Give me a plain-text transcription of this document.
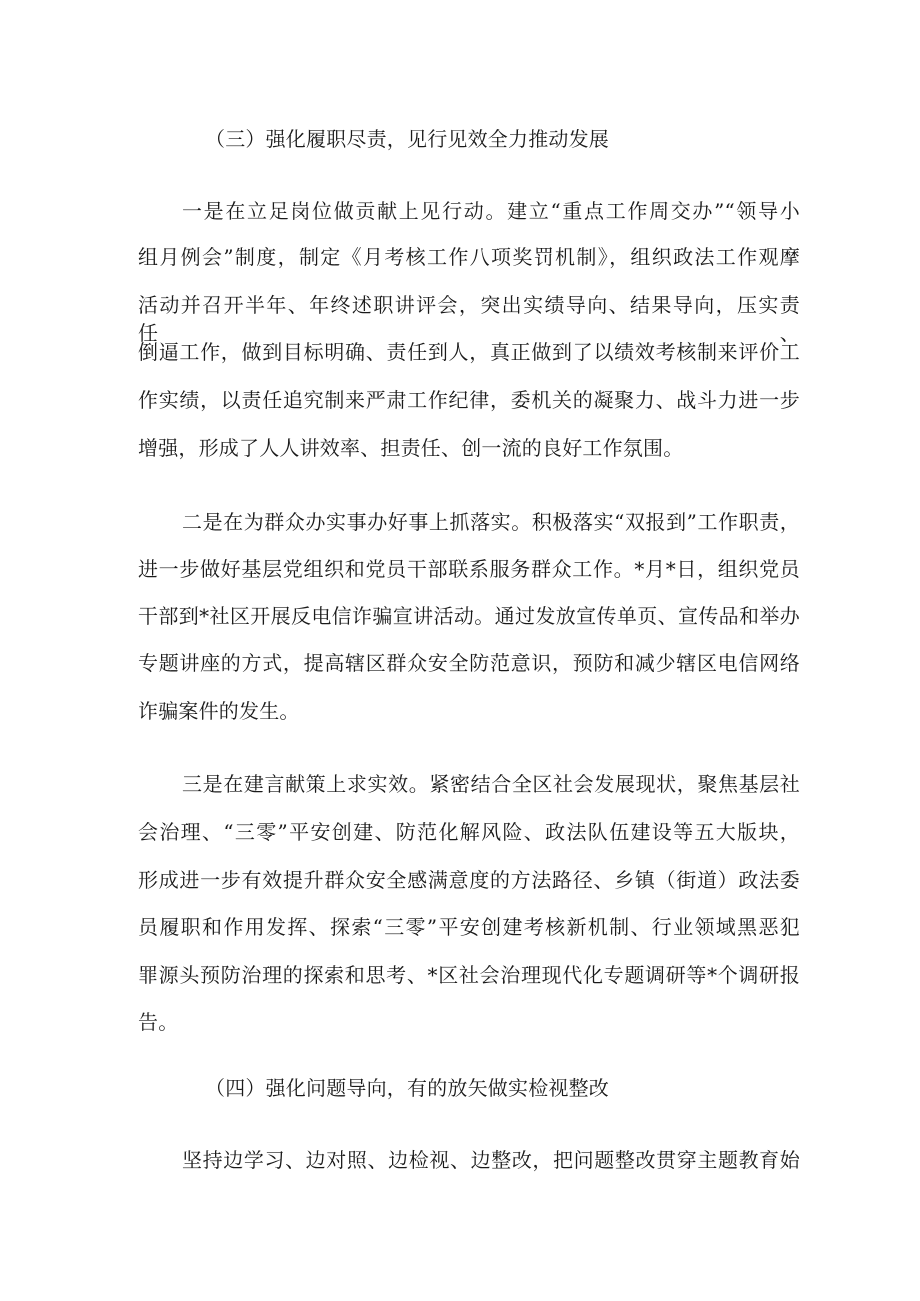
（三）强化履职尽责，见行见效全力推动发展
一是在立足岗位做贡献上见行动。建立“重点工作周交办”“领导小
组月例会”制度，制定《月考核工作八项奖罚机制》，组织政法工作观摩
活动并召开半年、年终述职讲评会，突出实绩导向、结果导向，压实责任、
倒逼工作，做到目标明确、责任到人，真正做到了以绩效考核制来评价工
作实绩，以责任追究制来严肃工作纪律，委机关的凝聚力、战斗力进一步
增强，形成了人人讲效率、担责任、创一流的良好工作氛围。
二是在为群众办实事办好事上抓落实。积极落实“双报到”工作职责，
进一步做好基层党组织和党员干部联系服务群众工作。*月*日，组织党员
干部到*社区开展反电信诈骗宣讲活动。通过发放宣传单页、宣传品和举办
专题讲座的方式，提高辖区群众安全防范意识，预防和减少辖区电信网络
诈骗案件的发生。
三是在建言献策上求实效。紧密结合全区社会发展现状，聚焦基层社
会治理、“三零”平安创建、防范化解风险、政法队伍建设等五大版块，
形成进一步有效提升群众安全感满意度的方法路径、乡镇（街道）政法委
员履职和作用发挥、探索“三零”平安创建考核新机制、行业领域黑恶犯
罪源头预防治理的探索和思考、*区社会治理现代化专题调研等*个调研报
告。
（四）强化问题导向，有的放矢做实检视整改
坚持边学习、边对照、边检视、边整改，把问题整改贯穿主题教育始
